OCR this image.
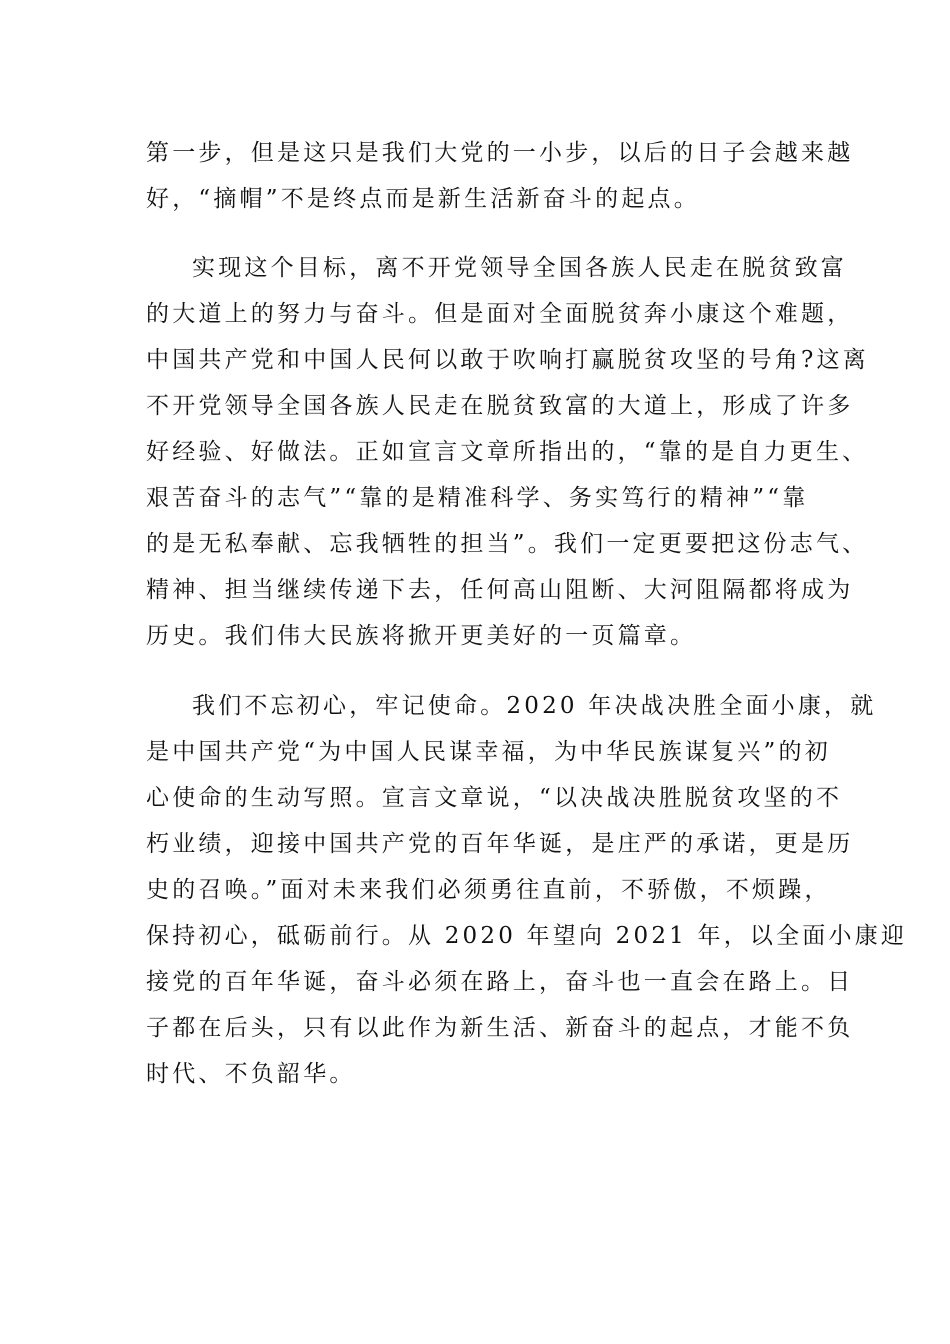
第一步，但是这只是我们大党的一小步，以后的日子会越来越
好，“摘帽”不是终点而是新生活新奋斗的起点。
实现这个目标，离不开党领导全国各族人民走在脱贫致富
的大道上的努力与奋斗。但是面对全面脱贫奔小康这个难题，
中国共产党和中国人民何以敢于吹响打赢脱贫攻坚的号角?这离
不开党领导全国各族人民走在脱贫致富的大道上，形成了许多
好经验、好做法。正如宣言文章所指出的，“靠的是自力更生、
艰苦奋斗的志气”“靠的是精准科学、务实笃行的精神”“靠
的是无私奉献、忘我牺牲的担当”。我们一定更要把这份志气、
精神、担当继续传递下去，任何高山阻断、大河阻隔都将成为
历史。我们伟大民族将掀开更美好的一页篇章。
我们不忘初心，牢记使命。2020 年决战决胜全面小康，就
是中国共产党“为中国人民谋幸福，为中华民族谋复兴”的初
心使命的生动写照。宣言文章说，“以决战决胜脱贫攻坚的不
朽业绩，迎接中国共产党的百年华诞，是庄严的承诺，更是历
史的召唤。”面对未来我们必须勇往直前，不骄傲，不烦躁，
保持初心，砥砺前行。从 2020 年望向 2021 年，以全面小康迎
接党的百年华诞，奋斗必须在路上，奋斗也一直会在路上。日
子都在后头，只有以此作为新生活、新奋斗的起点，才能不负
时代、不负韶华。
